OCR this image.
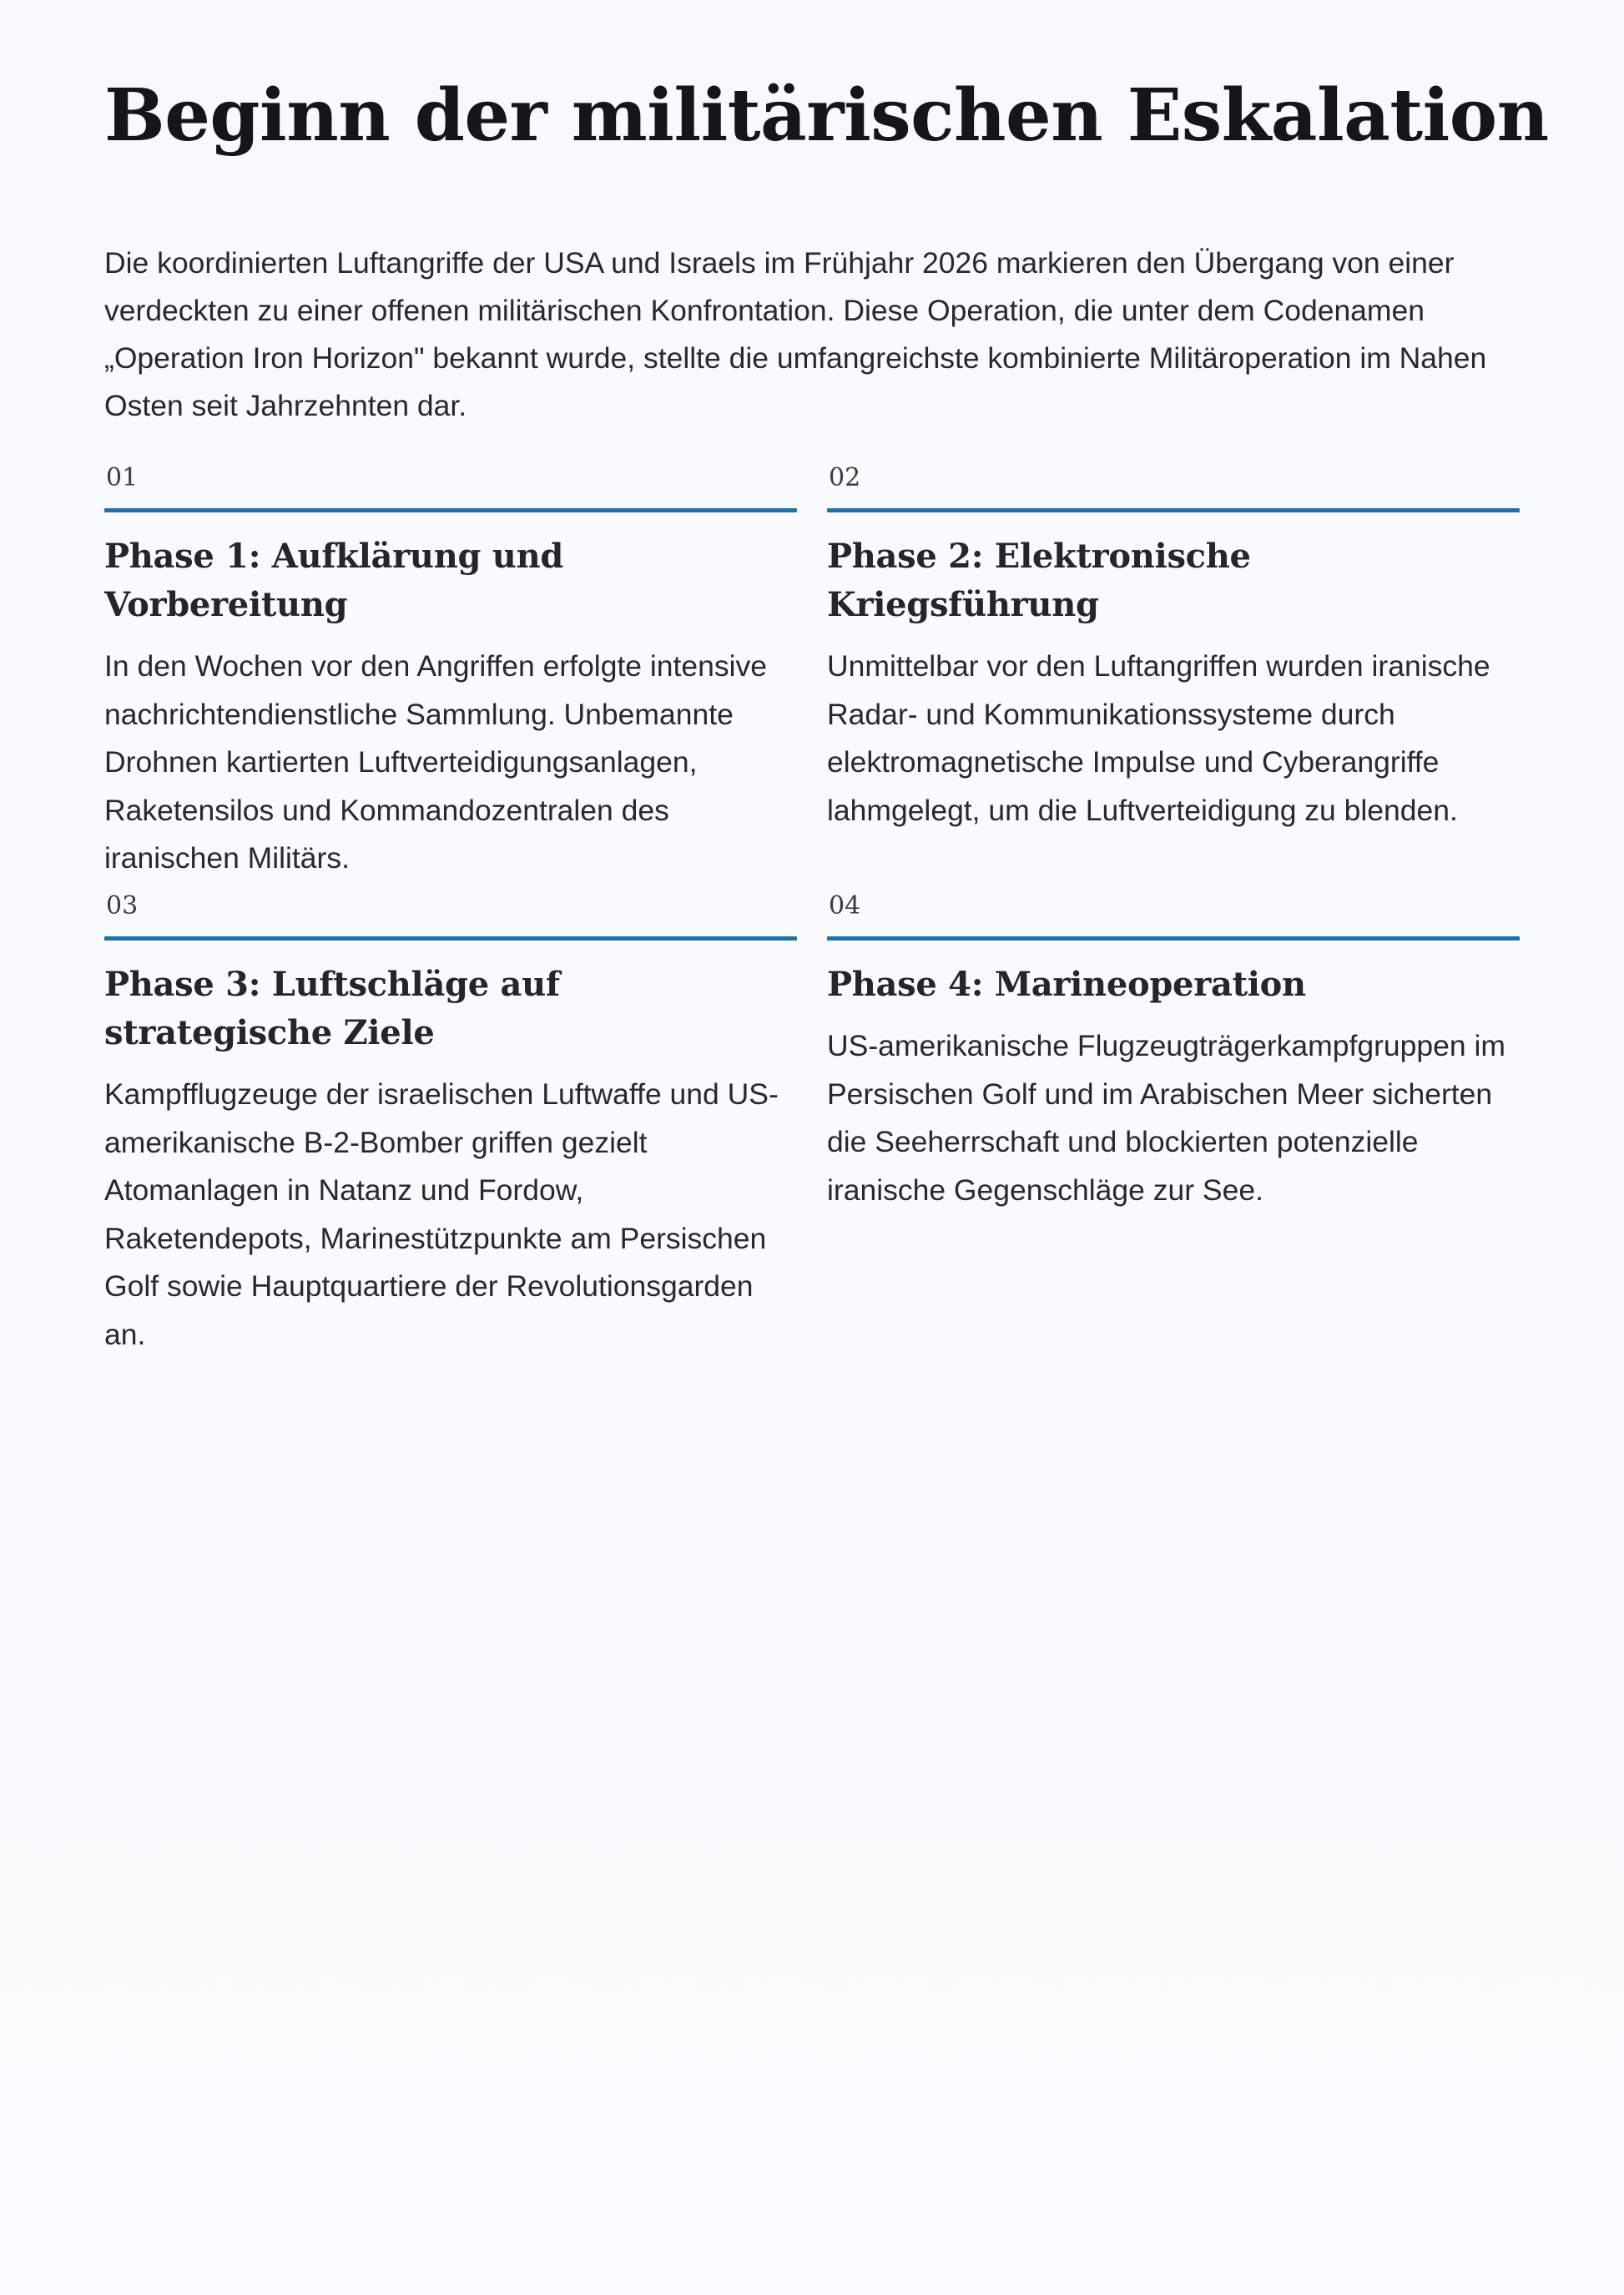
Beginn der militärischen Eskalation

Die koordinierten Luftangriffe der USA und Israels im Frühjahr 2026 markieren den Übergang von einer verdeckten zu einer offenen militärischen Konfrontation. Diese Operation, die unter dem Codenamen „Operation Iron Horizon" bekannt wurde, stellte die umfangreichste kombinierte Militäroperation im Nahen Osten seit Jahrzehnten dar.

01

Phase 1: Aufklärung und Vorbereitung

In den Wochen vor den Angriffen erfolgte intensive nachrichtendienstliche Sammlung. Unbemannte Drohnen kartierten Luftverteidigungsanlagen, Raketensilos und Kommandozentralen des iranischen Militärs.

02

Phase 2: Elektronische Kriegsführung

Unmittelbar vor den Luftangriffen wurden iranische Radar- und Kommunikationssysteme durch elektromagnetische Impulse und Cyberangriffe lahmgelegt, um die Luftverteidigung zu blenden.

03

Phase 3: Luftschläge auf strategische Ziele

Kampfflugzeuge der israelischen Luftwaffe und US-amerikanische B-2-Bomber griffen gezielt Atomanlagen in Natanz und Fordow, Raketendepots, Marinestützpunkte am Persischen Golf sowie Hauptquartiere der Revolutionsgarden an.

04

Phase 4: Marineoperation

US-amerikanische Flugzeugträgerkampfgruppen im Persischen Golf und im Arabischen Meer sicherten die Seeherrschaft und blockierten potenzielle iranische Gegenschläge zur See.
